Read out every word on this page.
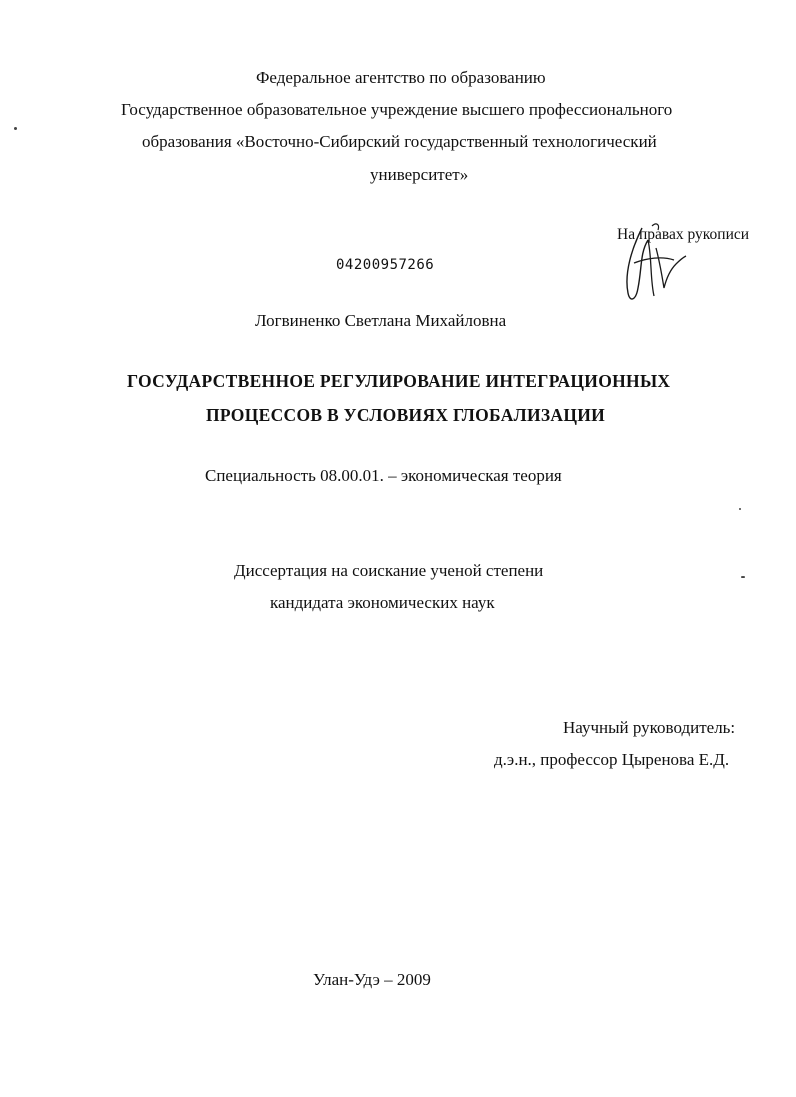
Федеральное агентство по образованию
Государственное образовательное учреждение высшего профессионального
образования «Восточно-Сибирский государственный технологический
университет»
На правах рукописи
04200957266
Логвиненко Светлана Михайловна
ГОСУДАРСТВЕННОЕ РЕГУЛИРОВАНИЕ ИНТЕГРАЦИОННЫХ
ПРОЦЕССОВ В УСЛОВИЯХ ГЛОБАЛИЗАЦИИ
Специальность 08.00.01. – экономическая теория
Диссертация на соискание ученой степени
кандидата экономических наук
Научный руководитель:
д.э.н., профессор Цыренова Е.Д.
Улан-Удэ – 2009
